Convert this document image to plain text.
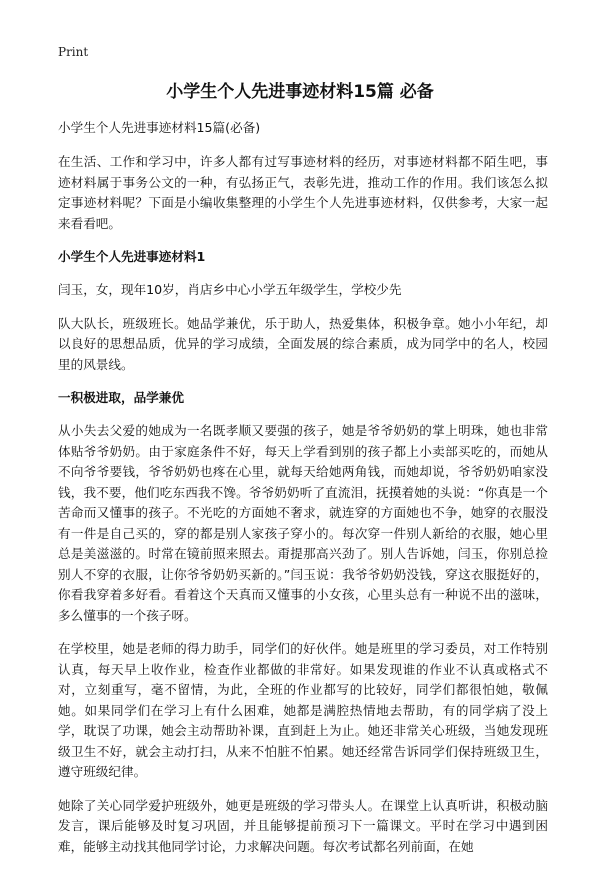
Print
小学生个人先进事迹材料15篇 必备

小学生个人先进事迹材料15篇(必备)

在生活、工作和学习中，许多人都有过写事迹材料的经历，对事迹材料都不陌生吧，事迹材料属于事务公文的一种，有弘扬正气，表彰先进，推动工作的作用。我们该怎么拟定事迹材料呢？下面是小编收集整理的小学生个人先进事迹材料，仅供参考，大家一起来看看吧。

小学生个人先进事迹材料1

闫玉，女，现年10岁，肖店乡中心小学五年级学生，学校少先

队大队长，班级班长。她品学兼优，乐于助人，热爱集体，积极争章。她小小年纪，却以良好的思想品质，优异的学习成绩，全面发展的综合素质，成为同学中的名人，校园里的风景线。

一积极进取，品学兼优

从小失去父爱的她成为一名既孝顺又要强的孩子，她是爷爷奶奶的掌上明珠，她也非常体贴爷爷奶奶。由于家庭条件不好，每天上学看到别的孩子都上小卖部买吃的，而她从不向爷爷要钱，爷爷奶奶也疼在心里，就每天给她两角钱，而她却说，爷爷奶奶咱家没钱，我不要，他们吃东西我不馋。爷爷奶奶听了直流泪，抚摸着她的头说：“你真是一个苦命而又懂事的孩子。不光吃的方面她不奢求，就连穿的方面她也不争，她穿的衣服没有一件是自己买的，穿的都是别人家孩子穿小的。每次穿一件别人新给的衣服，她心里总是美滋滋的。时常在镜前照来照去。甭提那高兴劲了。别人告诉她，闫玉，你别总捡别人不穿的衣服，让你爷爷奶奶买新的。”闫玉说：我爷爷奶奶没钱，穿这衣服挺好的，你看我穿着多好看。看着这个天真而又懂事的小女孩，心里头总有一种说不出的滋味，多么懂事的一个孩子呀。

在学校里，她是老师的得力助手，同学们的好伙伴。她是班里的学习委员，对工作特别认真，每天早上收作业，检查作业都做的非常好。如果发现谁的作业不认真或格式不对，立刻重写，毫不留情，为此，全班的作业都写的比较好，同学们都很怕她，敬佩她。如果同学们在学习上有什么困难，她都是满腔热情地去帮助，有的同学病了没上学，耽误了功课，她会主动帮助补课，直到赶上为止。她还非常关心班级，当她发现班级卫生不好，就会主动打扫，从来不怕脏不怕累。她还经常告诉同学们保持班级卫生，遵守班级纪律。

她除了关心同学爱护班级外，她更是班级的学习带头人。在课堂上认真听讲，积极动脑发言，课后能够及时复习巩固，并且能够提前预习下一篇课文。平时在学习中遇到困难，能够主动找其他同学讨论，力求解决问题。每次考试都名列前面，在她
